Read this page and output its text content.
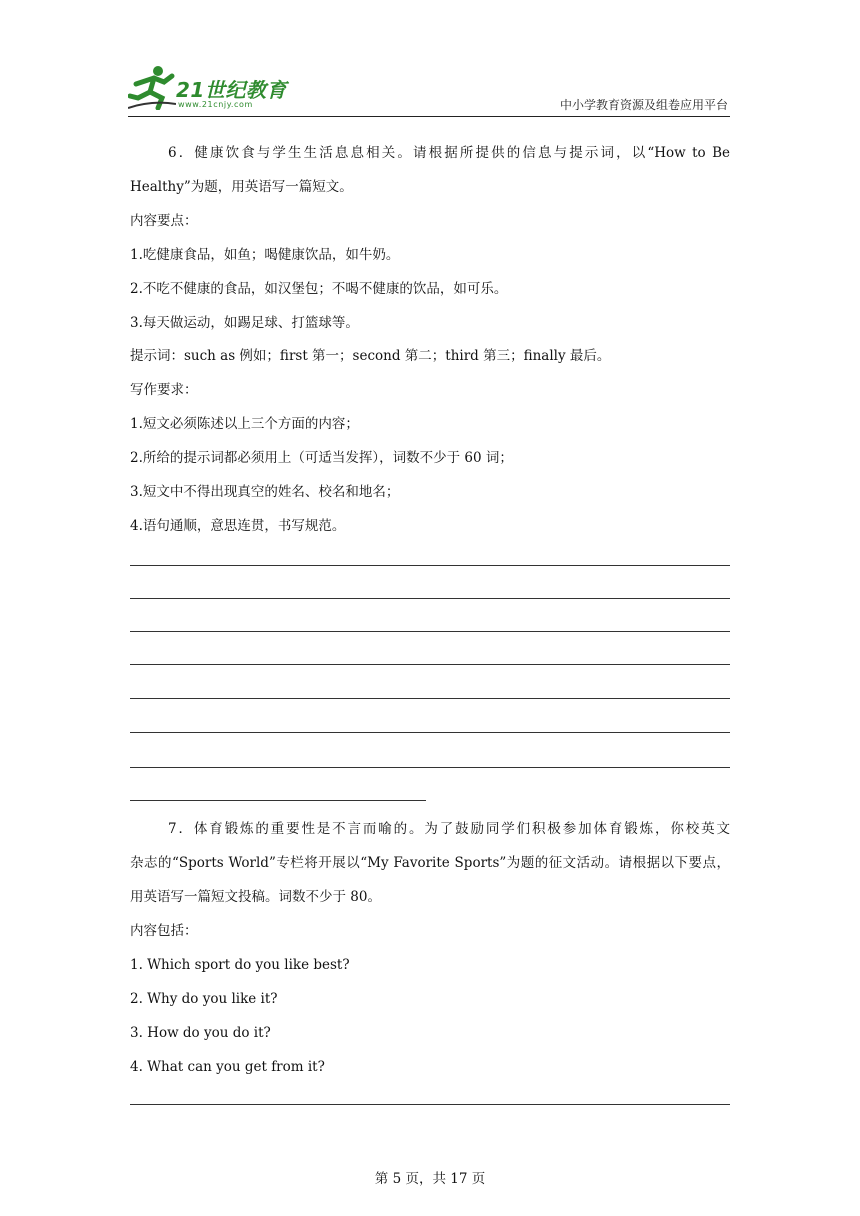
21世纪教育
www.21cnjy.com	中小学教育资源及组卷应用平台
6．健康饮食与学生生活息息相关。请根据所提供的信息与提示词，以“How to Be
Healthy”为题，用英语写一篇短文。
内容要点：
1.吃健康食品，如鱼；喝健康饮品，如牛奶。
2.不吃不健康的食品，如汉堡包；不喝不健康的饮品，如可乐。
3.每天做运动，如踢足球、打篮球等。
提示词：such as 例如；first 第一；second 第二；third 第三；finally 最后。
写作要求：
1.短文必须陈述以上三个方面的内容；
2.所给的提示词都必须用上（可适当发挥），词数不少于 60 词；
3.短文中不得出现真空的姓名、校名和地名；
4.语句通顺，意思连贯，书写规范。
7．体育锻炼的重要性是不言而喻的。为了鼓励同学们积极参加体育锻炼，你校英文
杂志的“Sports World”专栏将开展以“My Favorite Sports”为题的征文活动。请根据以下要点，
用英语写一篇短文投稿。词数不少于 80。
内容包括：
1. Which sport do you like best?
2. Why do you like it?
3. How do you do it?
4. What can you get from it?
第 5 页，共 17 页
